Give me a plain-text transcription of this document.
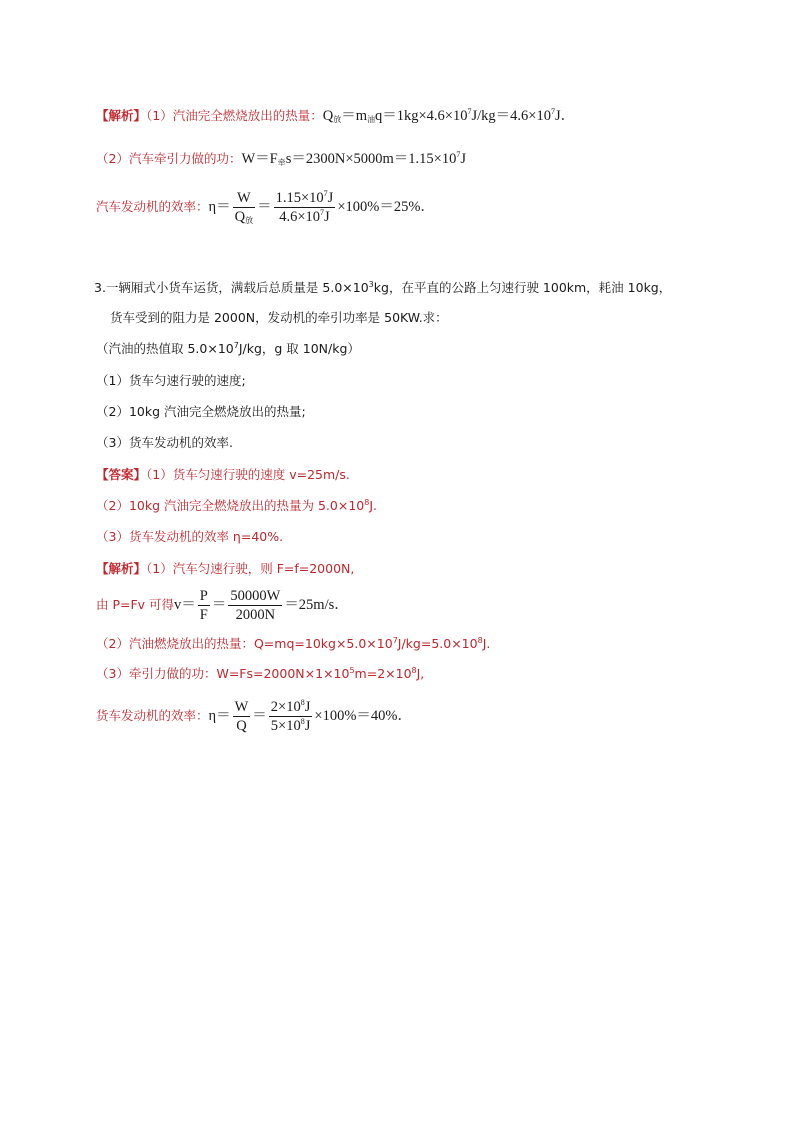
【解析】（1）汽油完全燃烧放出的热量：$Q_放=m_油q=1kg\times 4.6\times 10^7J/kg=4.6\times 10^7J$．
（2）汽车牵引力做的功：$W=F_牵s=2300N\times 5000m=1.15\times 10^7J$
汽车发动机的效率：$\eta= \frac{W}{Q_放} = \frac{1.15\times 10^7J}{4.6\times 10^7J} \times 100\%=25\%$．
3.一辆厢式小货车运货，满载后总质量是 $5.0\times 10^3kg$，在平直的公路上匀速行驶 100km，耗油 10kg，
货车受到的阻力是 2000N，发动机的牵引功率是 50KW.求：
（汽油的热值取 $5.0\times 10^7J/kg$，g 取 10N/kg）
（1）货车匀速行驶的速度;
（2）10kg 汽油完全燃烧放出的热量;
（3）货车发动机的效率.
【答案】（1）货车匀速行驶的速度 v=25m/s.
（2）10kg 汽油完全燃烧放出的热量为 $5.0\times 10^8J$.
（3）货车发动机的效率 η=40%.
【解析】（1）汽车匀速行驶，则 F=f=2000N,
由 P=Fv 可得$v= \frac{P}{F} = \frac{50000W}{2000N} =25m/s$．
（2）汽油燃烧放出的热量：$Q=mq=10kg\times 5.0\times 10^7J/kg=5.0\times 10^8J$.
（3）牵引力做的功：$W=Fs=2000N\times 1\times 10^5m=2\times 10^8J$,
货车发动机的效率：$\eta= \frac{W}{Q} = \frac{2\times 10^8J}{5\times 10^8J} \times 100\%=40\%$．
